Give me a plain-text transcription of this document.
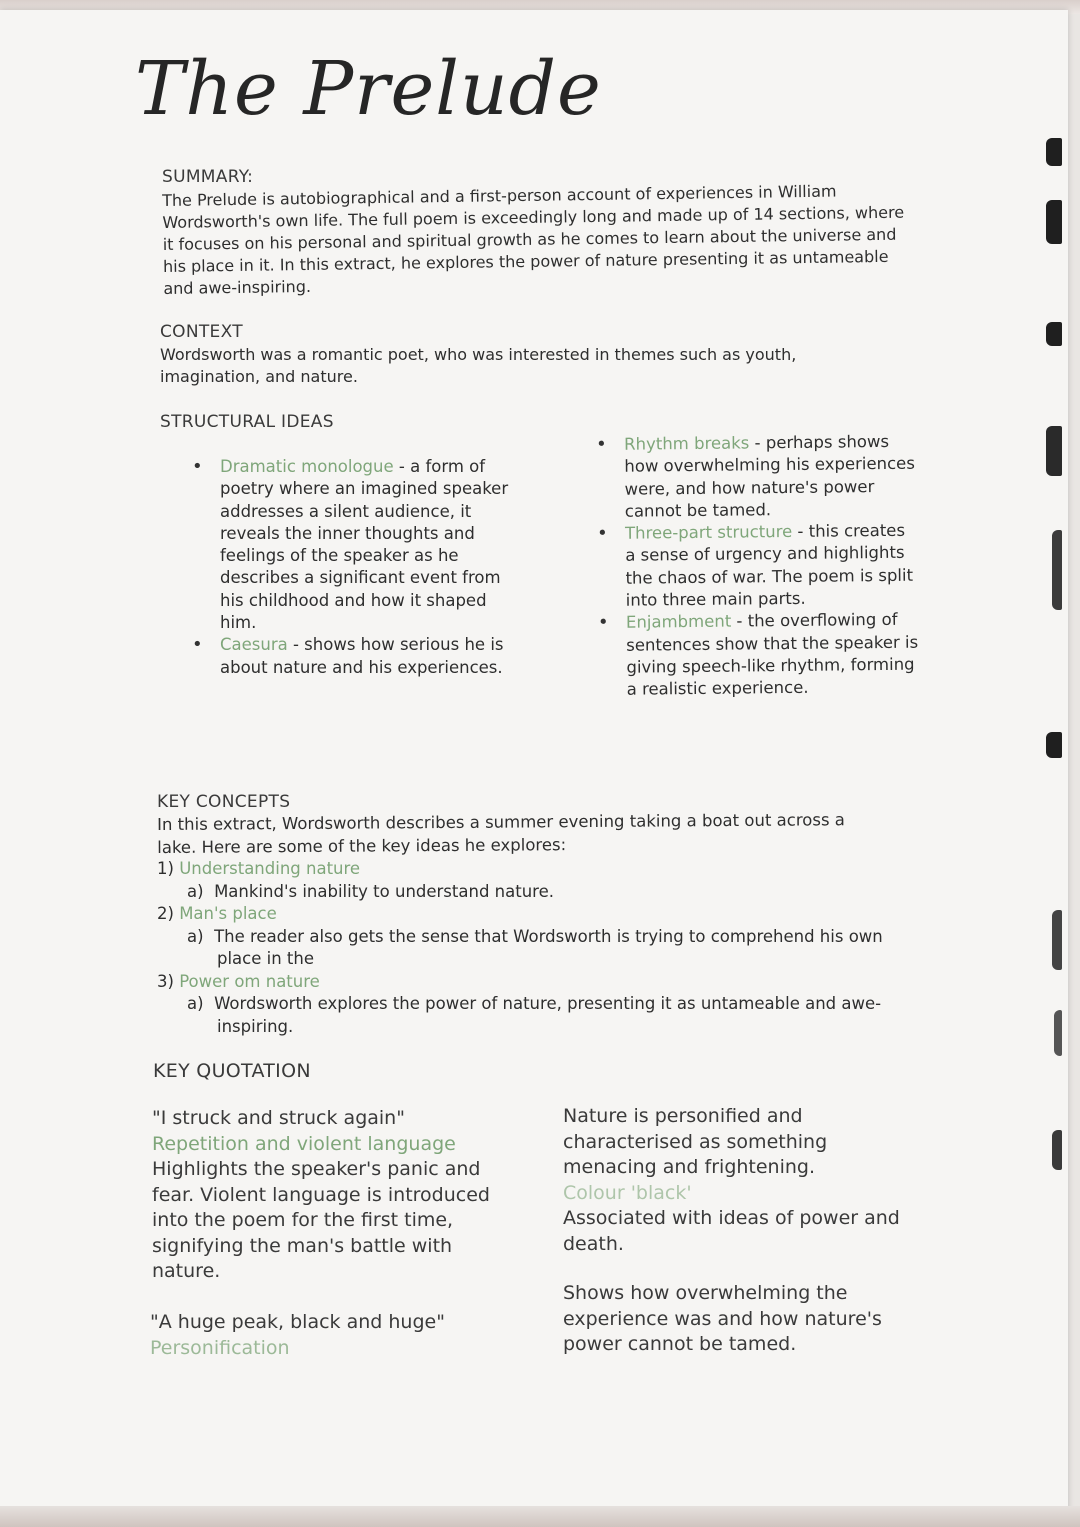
The Prelude
SUMMARY:
The Prelude is autobiographical and a first-person account of experiences in William Wordsworth's own life. The full poem is exceedingly long and made up of 14 sections, where it focuses on his personal and spiritual growth as he comes to learn about the universe and his place in it. In this extract, he explores the power of nature presenting it as untameable and awe-inspiring.
CONTEXT
Wordsworth was a romantic poet, who was interested in themes such as youth, imagination, and nature.
STRUCTURAL IDEAS
• Dramatic monologue - a form of poetry where an imagined speaker addresses a silent audience, it reveals the inner thoughts and feelings of the speaker as he describes a significant event from his childhood and how it shaped him.
• Caesura - shows how serious he is about nature and his experiences.
• Rhythm breaks - perhaps shows how overwhelming his experiences were, and how nature's power cannot be tamed.
• Three-part structure - this creates a sense of urgency and highlights the chaos of war. The poem is split into three main parts.
• Enjambment - the overflowing of sentences show that the speaker is giving speech-like rhythm, forming a realistic experience.
KEY CONCEPTS
In this extract, Wordsworth describes a summer evening taking a boat out across a lake. Here are some of the key ideas he explores:
1) Understanding nature
a) Mankind's inability to understand nature.
2) Man's place
a) The reader also gets the sense that Wordsworth is trying to comprehend his own place in the
3) Power om nature
a) Wordsworth explores the power of nature, presenting it as untameable and awe-inspiring.
KEY QUOTATION
"I struck and struck again"
Repetition and violent language
Highlights the speaker's panic and fear. Violent language is introduced into the poem for the first time, signifying the man's battle with nature.
"A huge peak, black and huge"
Personification
Nature is personified and characterised as something menacing and frightening.
Colour 'black'
Associated with ideas of power and death.
Shows how overwhelming the experience was and how nature's power cannot be tamed.
